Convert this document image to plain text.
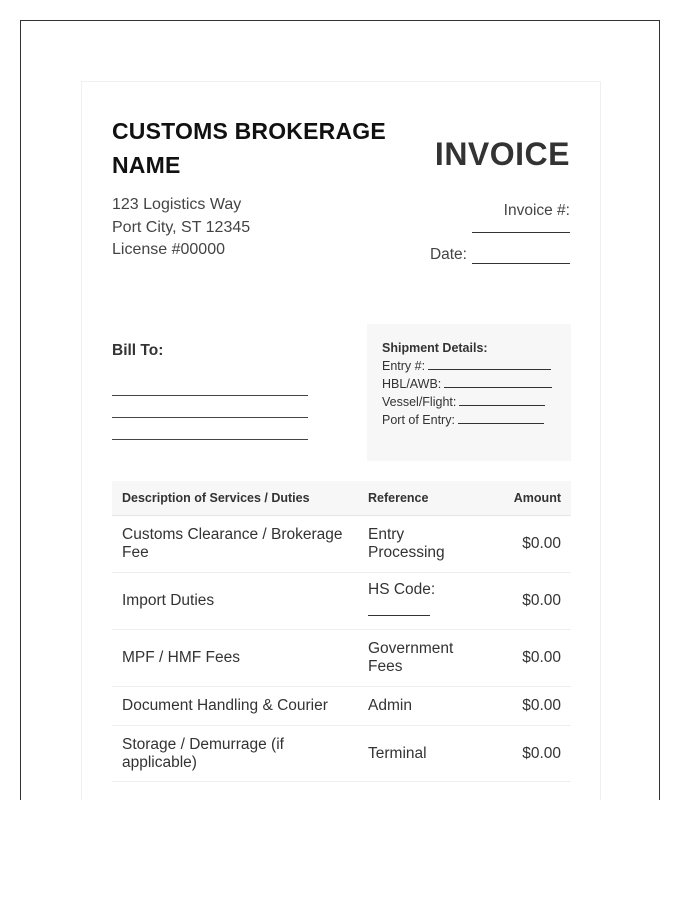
CUSTOMS BROKERAGE NAME
123 Logistics Way
Port City, ST 12345
License #00000
INVOICE
Invoice #:
Date:
Bill To:	Shipment Details:
Entry #:
HBL/AWB:
Vessel/Flight:
Port of Entry:
Description of Services / Duties	Reference	Amount
Customs Clearance / Brokerage Fee	Entry Processing	$0.00
Import Duties	HS Code:	$0.00
MPF / HMF Fees	Government Fees	$0.00
Document Handling & Courier	Admin	$0.00
Storage / Demurrage (if applicable)	Terminal	$0.00
